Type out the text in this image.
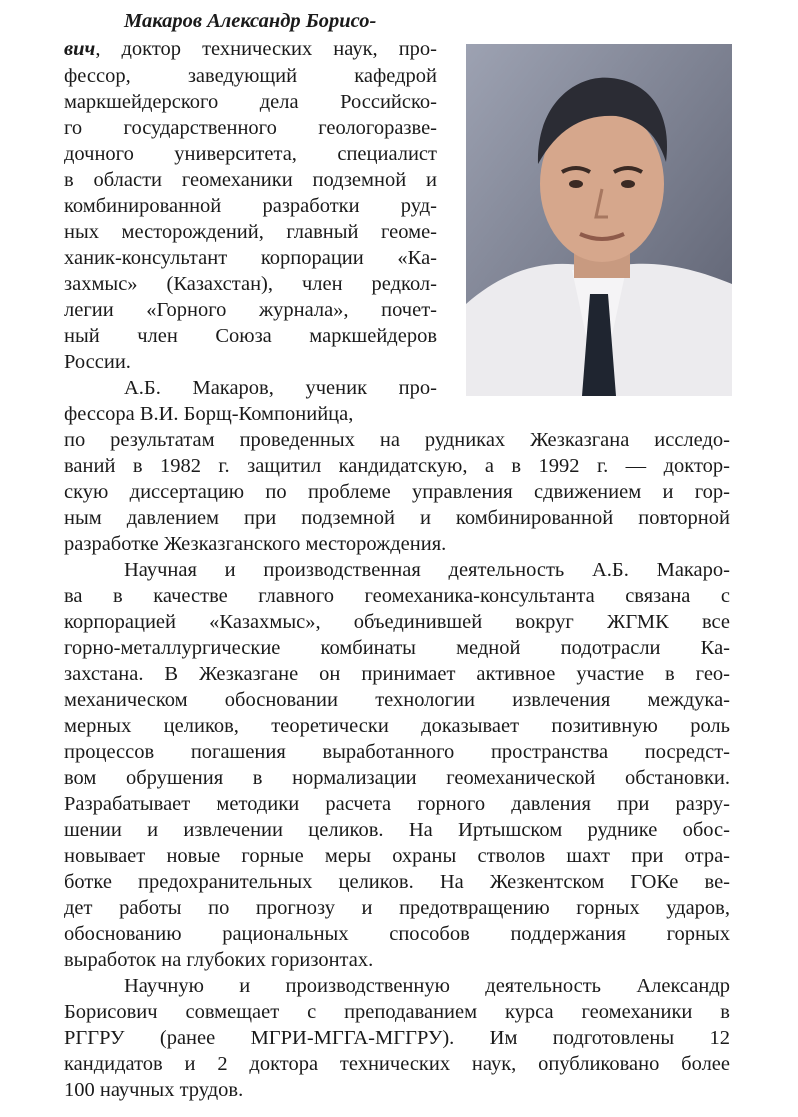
Макаров Александр Борисо-
вич, доктор технических наук, про-
фессор,   заведующий   кафедрой
маркшейдерского дела Российско-
го государственного геологоразве-
дочного университета, специалист
в области геомеханики подземной и
комбинированной разработки руд-
ных месторождений, главный геоме-
ханик-консультант корпорации «Ка-
захмыс» (Казахстан), член редкол-
легии «Горного журнала», почет-
ный член Союза маркшейдеров
России.
А.Б. Макаров, ученик про-
фессора В.И. Борщ-Компонийца,
по результатам проведенных на рудниках Жезказгана исследо-
ваний в 1982 г. защитил кандидатскую, а в 1992 г. — доктор-
скую диссертацию по проблеме управления сдвижением и гор-
ным давлением при подземной и комбинированной повторной
разработке Жезказганского месторождения.
Научная и производственная деятельность А.Б. Макаро-
ва в качестве главного геомеханика-консультанта связана с
корпорацией «Казахмыс», объединившей вокруг ЖГМК все
горно-металлургические комбинаты медной подотрасли Ка-
захстана. В Жезказгане он принимает активное участие в гео-
механическом обосновании технологии извлечения междука-
мерных целиков, теоретически доказывает позитивную роль
процессов погашения выработанного пространства посредст-
вом обрушения в нормализации геомеханической обстановки.
Разрабатывает методики расчета горного давления при разру-
шении и извлечении целиков. На Иртышском руднике обос-
новывает новые горные меры охраны стволов шахт при отра-
ботке предохранительных целиков. На Жезкентском ГОКе ве-
дет работы по прогнозу и предотвращению горных ударов,
обоснованию рациональных способов поддержания горных
выработок на глубоких горизонтах.
Научную и производственную деятельность Александр
Борисович совмещает с преподаванием курса геомеханики в
РГГРУ (ранее МГРИ-МГГА-МГГРУ). Им подготовлены 12
кандидатов и 2 доктора технических наук, опубликовано более
100 научных трудов.
